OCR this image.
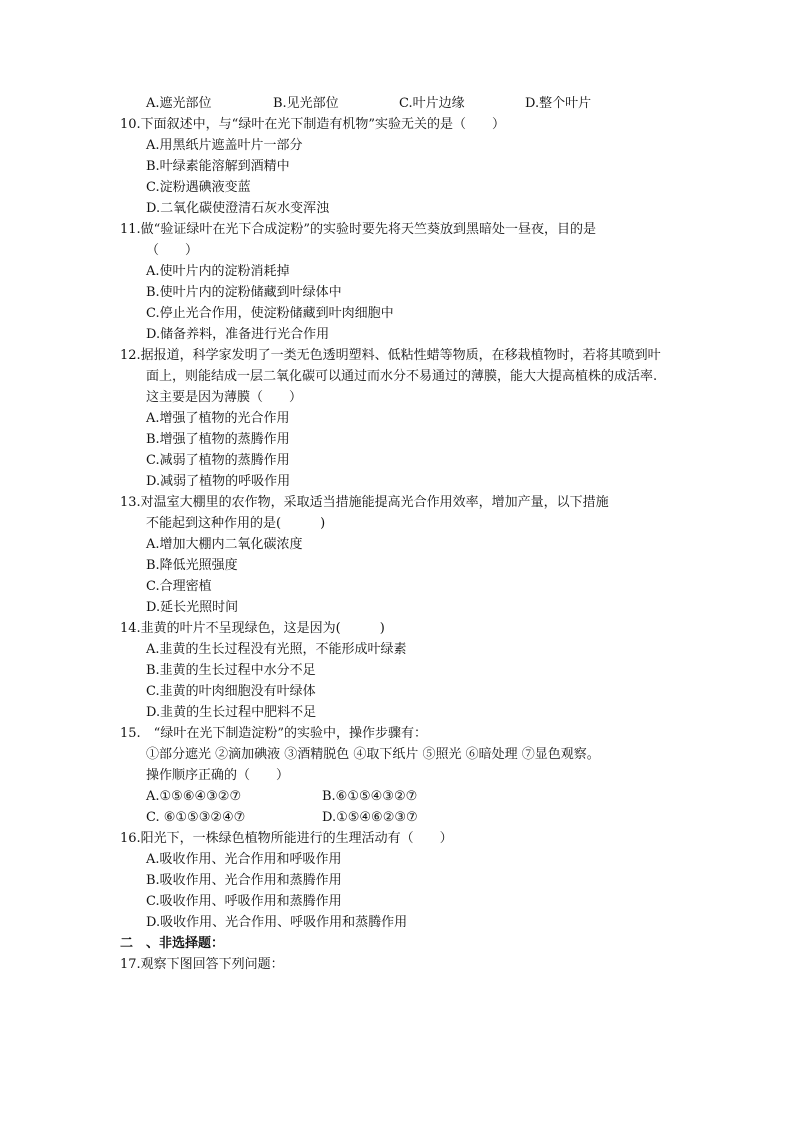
A.遮光部位	B.见光部位	C.叶片边缘	D.整个叶片
10.下面叙述中，与“绿叶在光下制造有机物”实验无关的是（　　）
A.用黑纸片遮盖叶片一部分
B.叶绿素能溶解到酒精中
C.淀粉遇碘液变蓝
D.二氧化碳使澄清石灰水变浑浊
11.做“验证绿叶在光下合成淀粉”的实验时要先将天竺葵放到黑暗处一昼夜，目的是
（　　）
A.使叶片内的淀粉消耗掉
B.使叶片内的淀粉储藏到叶绿体中
C.停止光合作用，使淀粉储藏到叶肉细胞中
D.储备养料，准备进行光合作用
12.据报道，科学家发明了一类无色透明塑料、低粘性蜡等物质，在移栽植物时，若将其喷到叶
面上，则能结成一层二氧化碳可以通过而水分不易通过的薄膜，能大大提高植株的成活率.
这主要是因为薄膜（　　）
A.增强了植物的光合作用
B.增强了植物的蒸腾作用
C.减弱了植物的蒸腾作用
D.减弱了植物的呼吸作用
13.对温室大棚里的农作物，采取适当措施能提高光合作用效率，增加产量，以下措施
不能起到这种作用的是(　　　)
A.增加大棚内二氧化碳浓度
B.降低光照强度
C.合理密植
D.延长光照时间
14.韭黄的叶片不呈现绿色，这是因为(　　　)
A.韭黄的生长过程没有光照，不能形成叶绿素
B.韭黄的生长过程中水分不足
C.韭黄的叶肉细胞没有叶绿体
D.韭黄的生长过程中肥料不足
15.　“绿叶在光下制造淀粉”的实验中，操作步骤有：
①部分遮光 ②滴加碘液 ③酒精脱色 ④取下纸片 ⑤照光 ⑥暗处理 ⑦显色观察。
操作顺序正确的（　　）
A.①⑤⑥④③②⑦	B.⑥①⑤④③②⑦
C. ⑥①⑤③②④⑦	D.①⑤④⑥②③⑦
16.阳光下，一株绿色植物所能进行的生理活动有（　　）
A.吸收作用、光合作用和呼吸作用
B.吸收作用、光合作用和蒸腾作用
C.吸收作用、呼吸作用和蒸腾作用
D.吸收作用、光合作用、呼吸作用和蒸腾作用
二　、非选择题：
17.观察下图回答下列问题：
